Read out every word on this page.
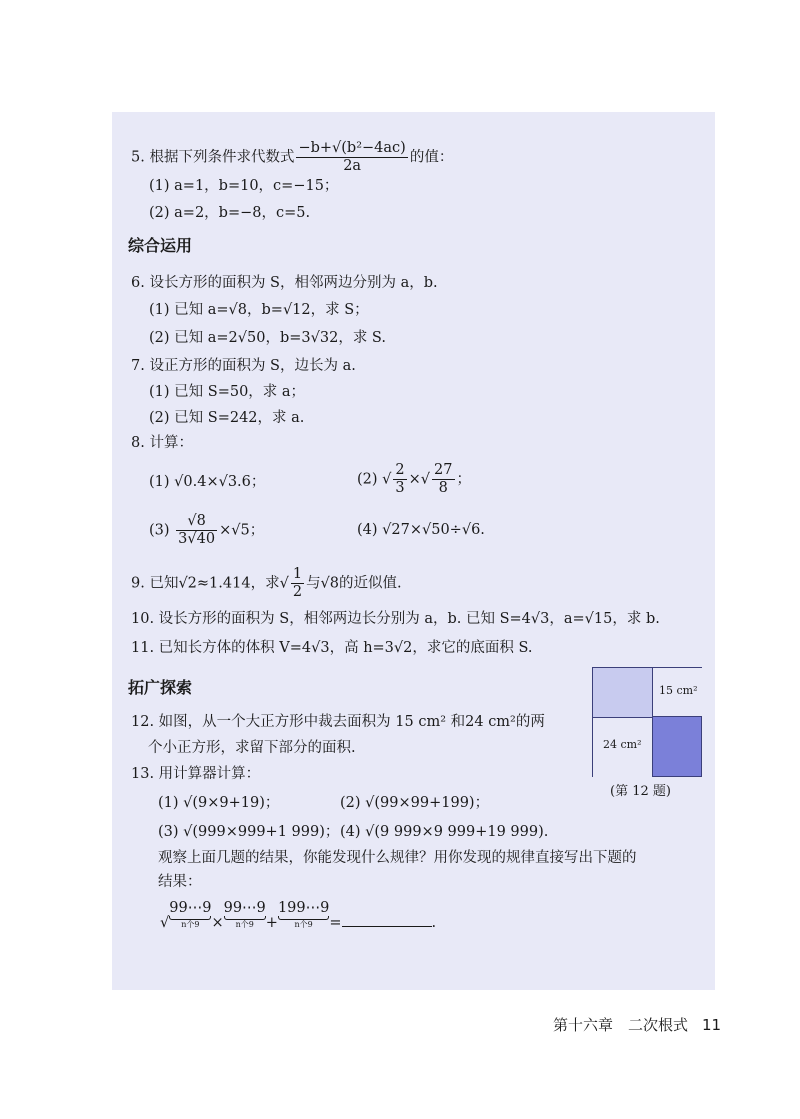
5. 根据下列条件求代数式 $\frac{\text{−b+√(b²−4ac)}}{2a}$ 的值：
(1) a=1，b=10，c=−15；
(2) a=2，b=−8，c=5.
综合运用
6. 设长方形的面积为 S，相邻两边分别为 a，b.
(1) 已知 a=√8，b=√12，求 S；
(2) 已知 a=2√50，b=3√32，求 S.
7. 设正方形的面积为 S，边长为 a.
(1) 已知 S=50，求 a；
(2) 已知 S=242，求 a.
8. 计算：
(1) √0.4×√3.6；	(2) √ $\frac{2}{3}$ ×√ $\frac{27}{8}$ ；
$(3) \frac{√8}{3√40} \times√5$；	(4) √27×√50÷√6.
9. 已知√2≈1.414，求√ $\frac{1}{2}$ 与√8的近似值.
10. 设长方形的面积为 S，相邻两边长分别为 a，b. 已知 S=4√3，a=√15，求 b.
11. 已知长方体的体积 V=4√3，高 h=3√2，求它的底面积 S.
拓广探索
12. 如图，从一个大正方形中裁去面积为 15 cm² 和24 cm²的两
个小正方形，求留下部分的面积.
13. 用计算器计算：
(1) √(9×9+19)；	(2) √(99×99+199)；
(3) √(999×999+1 999)； (4) √(9 999×9 999+19 999).
观察上面几题的结果，你能发现什么规律？用你发现的规律直接写出下题的
结果：
√99⋯9
n个9 ×99⋯9
n个9 +199⋯9
n个9	=	.
15 cm²
24 cm²
(第 12 题)
第十六章　二次根式 11
